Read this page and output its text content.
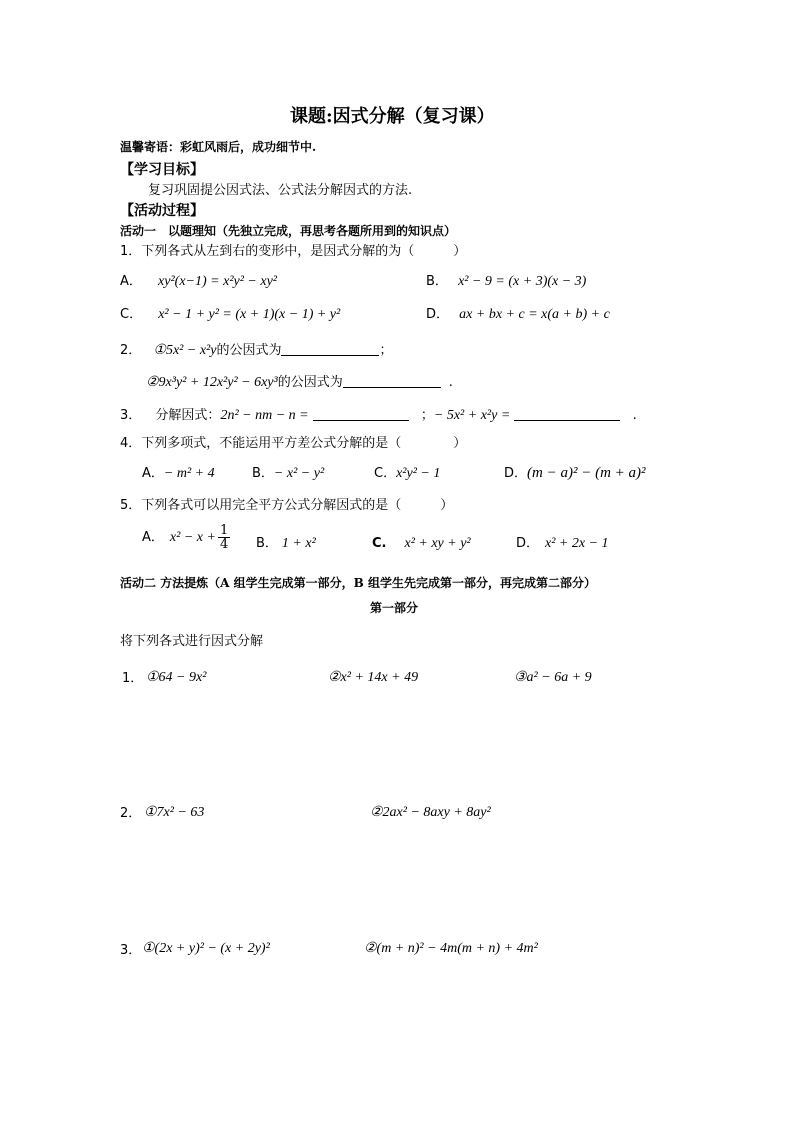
课题:因式分解（复习课）
温馨寄语：彩虹风雨后，成功细节中.
【学习目标】
复习巩固提公因式法、公式法分解因式的方法.
【活动过程】
活动一　以题理知（先独立完成，再思考各题所用到的知识点）
1．下列各式从左到右的变形中，是因式分解的为（　　　）
A． xy²(x−1) = x²y² − xy²	B． x² − 9 = (x + 3)(x − 3)
C． x² − 1 + y² = (x + 1)(x − 1) + y²	D． ax + bx + c = x(a + b) + c
2． ①5x² − x²y的公因式为	；
②9x³y² + 12x²y² − 6xy³的公因式为	.
3． 分解因式：2n² − nm − n =	；− 5x² + x²y =	.
4．下列多项式，不能运用平方差公式分解的是（　　　　）
A．− m² + 4	B．− x² − y²	C．x²y² − 1	D．(m − a)² − (m + a)²
5．下列各式可以用完全平方公式分解因式的是（　　　）
A． $x^2 - x + \frac{1}{4}$ B． 1 + x²	C. x² + xy + y²	D． x² + 2x − 1
活动二 方法提炼（A 组学生完成第一部分，B 组学生先完成第一部分，再完成第二部分）
第一部分
将下列各式进行因式分解
1． ①64 − 9x²	②x² + 14x + 49	③a² − 6a + 9
2． ①7x² − 63	②2ax² − 8axy + 8ay²
3． ①(2x + y)² − (x + 2y)²	②(m + n)² − 4m(m + n) + 4m²
